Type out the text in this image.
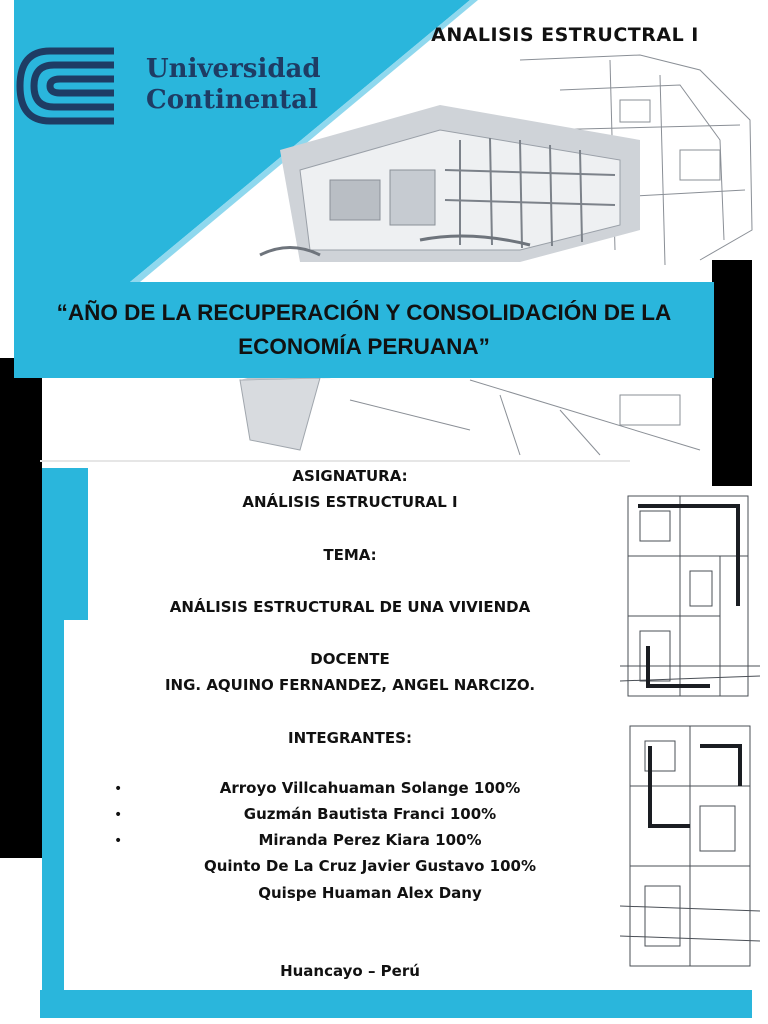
ANALISIS ESTRUCTRAL I
Universidad
Continental
“AÑO DE LA RECUPERACIÓN Y CONSOLIDACIÓN DE LA
ECONOMÍA PERUANA”
ASIGNATURA:
ANÁLISIS ESTRUCTURAL I
TEMA:
ANÁLISIS ESTRUCTURAL DE UNA VIVIENDA
DOCENTE
ING. AQUINO FERNANDEZ, ANGEL NARCIZO.
INTEGRANTES:
•	Arroyo Villcahuaman Solange 100%
•	Guzmán Bautista Franci 100%
•	Miranda Perez Kiara 100%
Quinto De La Cruz Javier Gustavo 100%
Quispe Huaman Alex Dany
Huancayo – Perú
